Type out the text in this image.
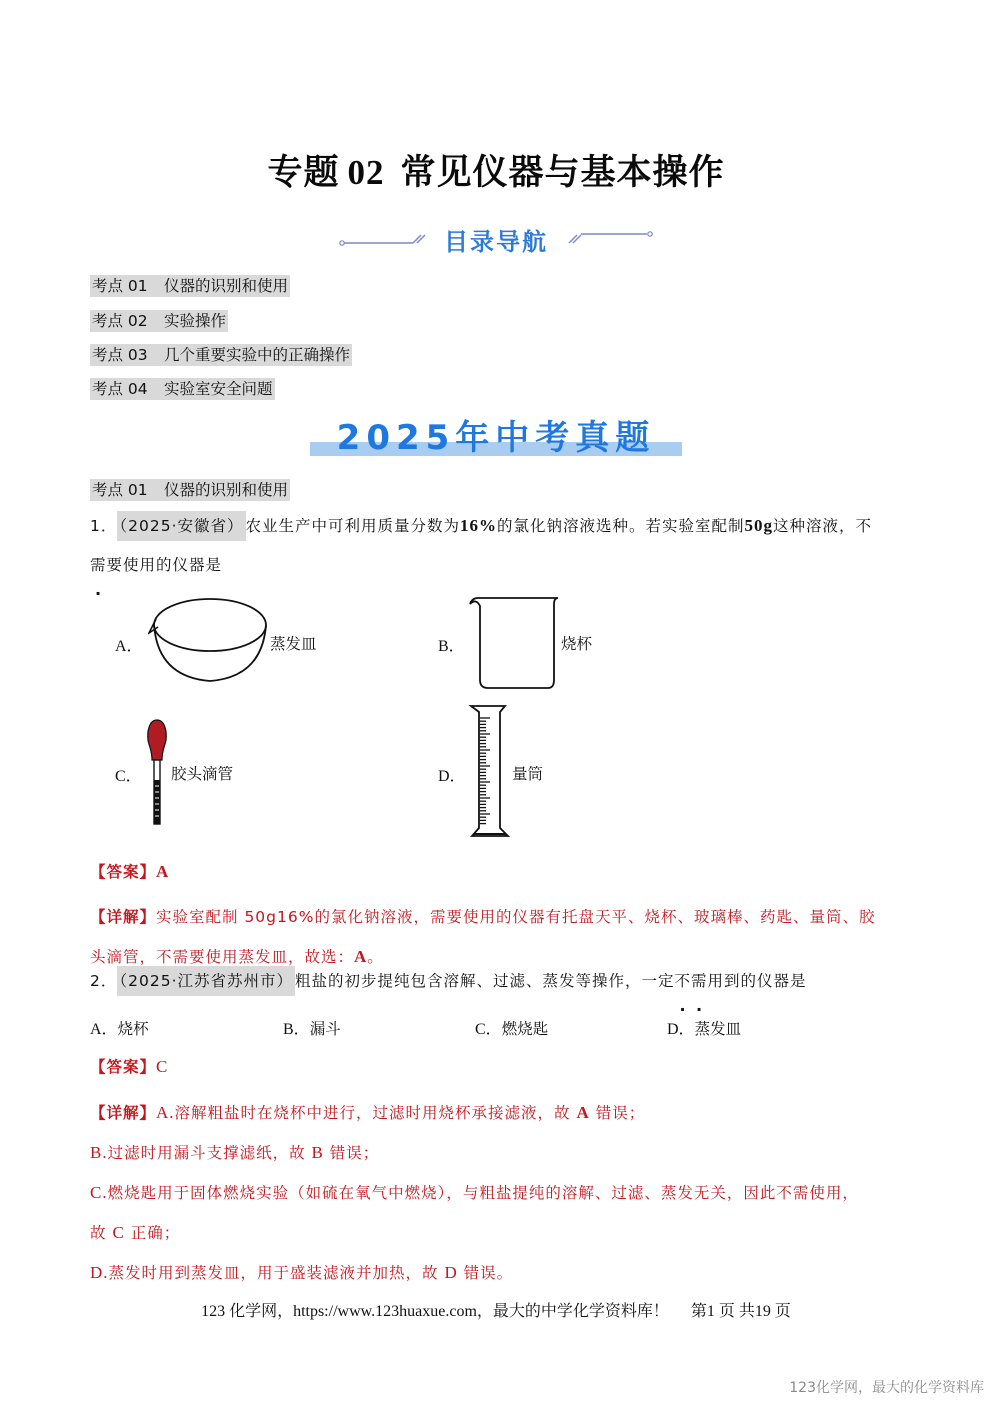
专题 02 常见仪器与基本操作
目录导航
考点 01 仪器的识别和使用
考点 02 实验操作
考点 03 几个重要实验中的正确操作
考点 04 实验室安全问题
2025年中考真题
考点 01 仪器的识别和使用
1． （2025·安徽省） 农业生产中可利用质量分数为16%的氯化钠溶液选种。若实验室配制50g这种溶液，不
需要使用的仪器是
A．	蒸发皿	B．	烧杯
C． 胶头滴管	D．	量筒
【答案】A
【详解】实验室配制 50g16%的氯化钠溶液，需要使用的仪器有托盘天平、烧杯、玻璃棒、药匙、量筒、胶
头滴管，不需要使用蒸发皿，故选：A。
2． （2025·江苏省苏州市） 粗盐的初步提纯包含溶解、过滤、蒸发等操作，一定不需用到的仪器是
A．烧杯	B．漏斗	C．燃烧匙	D．蒸发皿
【答案】C
【详解】A.溶解粗盐时在烧杯中进行，过滤时用烧杯承接滤液，故 A 错误；
B.过滤时用漏斗支撑滤纸，故 B 错误；
C.燃烧匙用于固体燃烧实验（如硫在氧气中燃烧），与粗盐提纯的溶解、过滤、蒸发无关，因此不需使用，
故 C 正确；
D.蒸发时用到蒸发皿，用于盛装滤液并加热，故 D 错误。
123 化学网，https://www.123huaxue.com，最大的中学化学资料库！ 第1 页 共19 页
123化学网，最大的化学资料库
